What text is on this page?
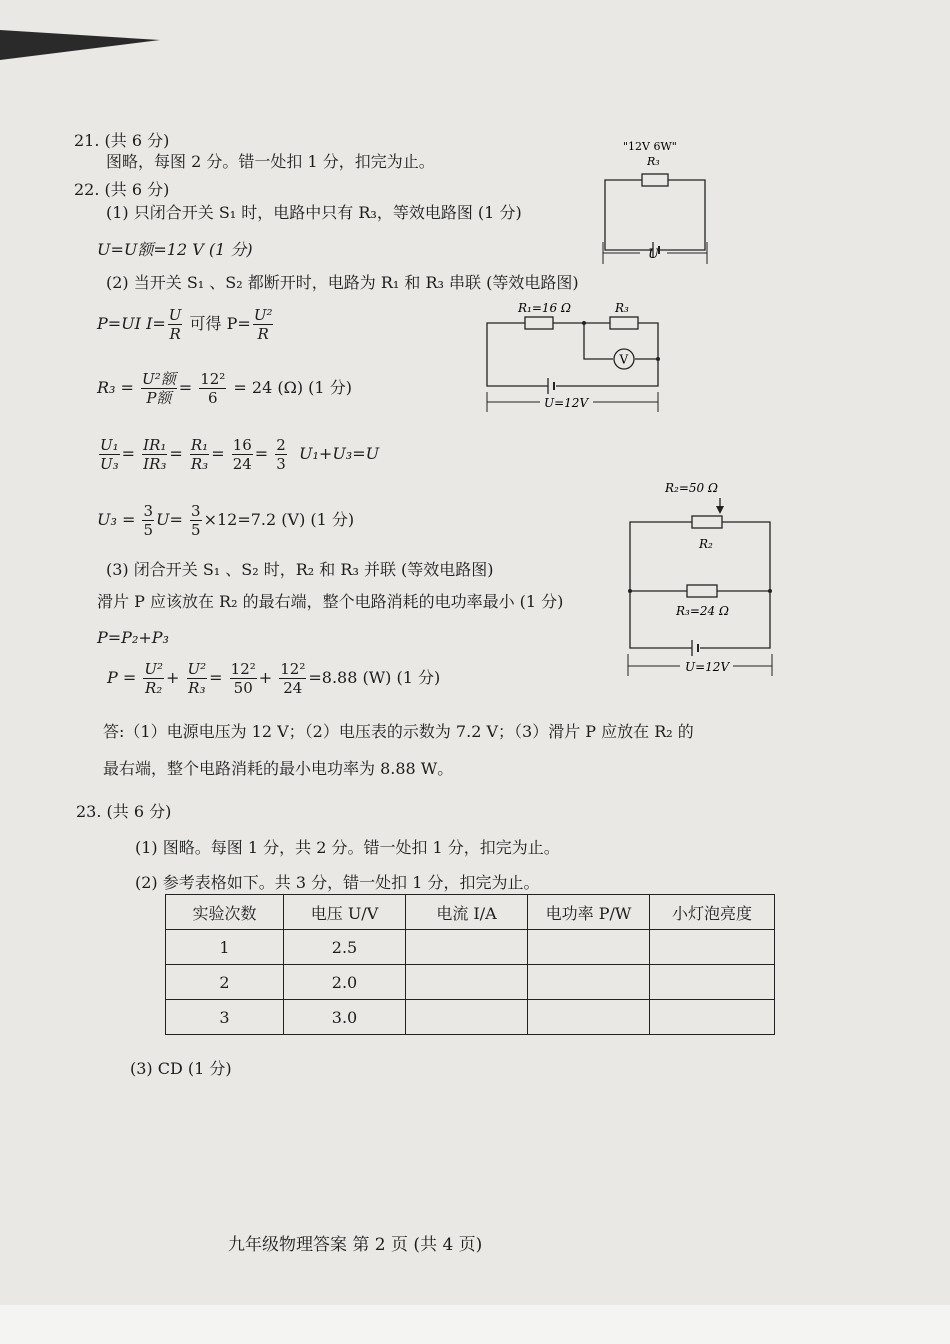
21. (共 6 分)
图略，每图 2 分。错一处扣 1 分，扣完为止。
22. (共 6 分)
(1) 只闭合开关 S₁ 时，电路中只有 R₃，等效电路图 (1 分)
U=U额=12 V (1 分)
(2) 当开关 S₁ 、S₂ 都断开时，电路为 R₁ 和 R₃ 串联 (等效电路图)
P=UI $I= \frac{U}{R}$ 可得 $P= \frac{\text{U²}}{R}$
$R_3 = \frac{\text{U²额}}{\text{P额}} = \frac{\text{12²}}{6} = 24$ (Ω) (1 分)
$\frac{\text{U₁}}{\text{U₃}} = \frac{\text{IR₁}}{\text{IR₃}} = \frac{\text{R₁}}{\text{R₃}} = \frac{16}{24} = \frac{2}{3} U_1+U_3=U$
$U_3 = \frac{3}{5} U= \frac{3}{5} \times 12=7.2$ (V) (1 分)
(3) 闭合开关 S₁ 、S₂ 时，R₂ 和 R₃ 并联 (等效电路图)
滑片 P 应该放在 R₂ 的最右端，整个电路消耗的电功率最小 (1 分)
P=P₂+P₃
$P = \frac{\text{U²}}{\text{R₂}} + \frac{\text{U²}}{\text{R₃}} = \frac{\text{12²}}{50} + \frac{\text{12²}}{24} =8.88$ (W) (1 分)
答:（1）电源电压为 12 V；（2）电压表的示数为 7.2 V；（3）滑片 P 应放在 R₂ 的
最右端，整个电路消耗的最小电功率为 8.88 W。
"12V 6W"
R₃
U
R₁=16 Ω	R₃
V
U=12V
R₂=50 Ω
R₂
R₃=24 Ω
U=12V
23. (共 6 分)
(1) 图略。每图 1 分，共 2 分。错一处扣 1 分，扣完为止。
(2) 参考表格如下。共 3 分，错一处扣 1 分，扣完为止。
实验次数	电压 U/V	电流 I/A	电功率 P/W	小灯泡亮度
1	2.5			
2	2.0			
3	3.0			
(3) CD (1 分)
九年级物理答案 第 2 页 (共 4 页)
